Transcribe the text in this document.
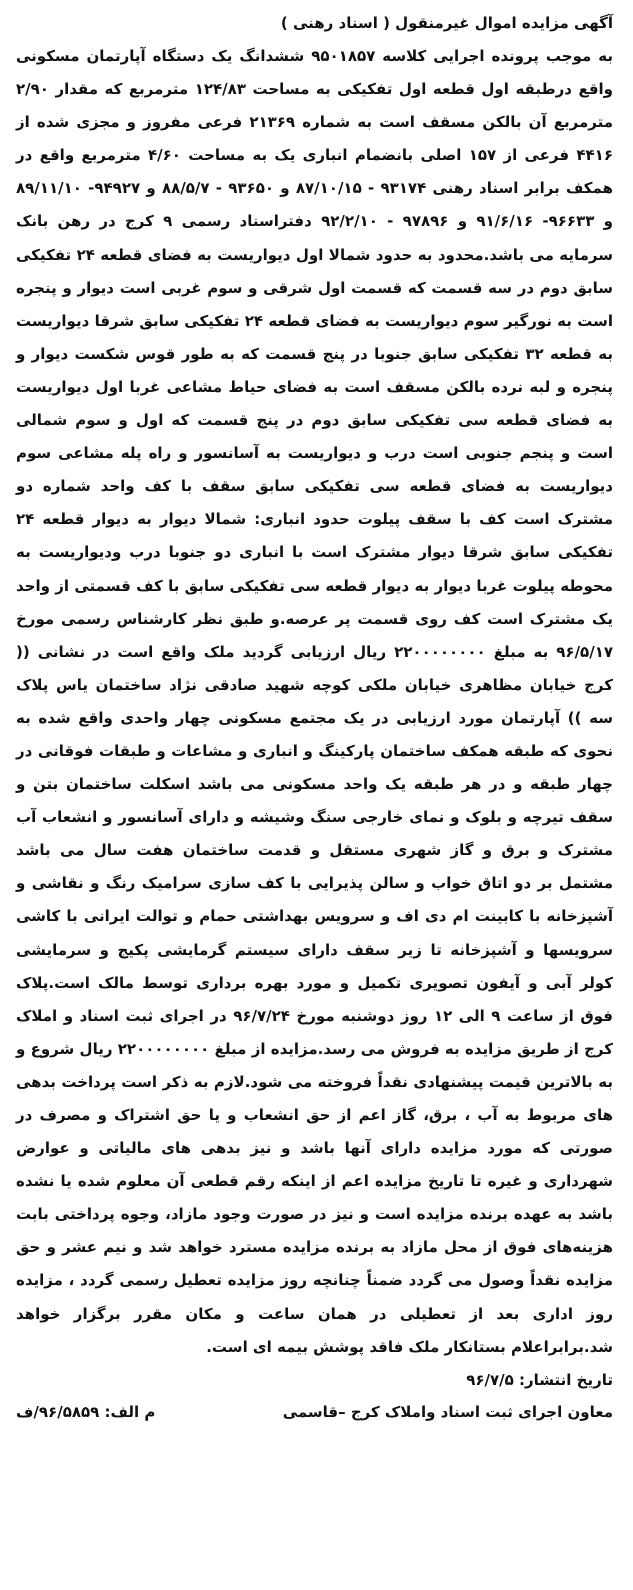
آگهی مزایده اموال غیرمنقول ( اسناد رهنی )

به موجب پرونده اجرایی کلاسه ۹۵۰۱۸۵۷ ششدانگ یک دستگاه آپارتمان مسکونی واقع درطبقه اول قطعه اول تفکیکی به مساحت ۱۲۴/۸۳ مترمربع که مقدار ۲/۹۰ مترمربع آن بالکن مسقف است به شماره ۲۱۳۶۹ فرعی مفروز و مجزی شده از ۴۴۱۶ فرعی از ۱۵۷ اصلی بانضمام انباری یک به مساحت ۴/۶۰ مترمربع واقع در همکف برابر اسناد رهنی ۹۳۱۷۴ - ۸۷/۱۰/۱۵ و ۹۳۶۵۰ - ۸۸/۵/۷ و ۹۴۹۲۷- ۸۹/۱۱/۱۰ و ۹۶۶۳۳- ۹۱/۶/۱۶ و ۹۷۸۹۶ - ۹۲/۲/۱۰ دفتراسناد رسمی ۹ کرج در رهن بانک سرمایه می باشد.محدود به حدود شمالا اول دیواریست به فضای قطعه ۲۴ تفکیکی سابق دوم در سه قسمت که قسمت اول شرقی و سوم غربی است دیوار و پنجره است به نورگیر سوم دیواریست به فضای قطعه ۲۴ تفکیکی سابق شرقا دیواریست به قطعه ۳۲ تفکیکی سابق جنوبا در پنج قسمت که به طور قوس شکست دیوار و پنجره و لبه نرده بالکن مسقف است به فضای حیاط مشاعی غربا اول دیواریست به فضای قطعه سی تفکیکی سابق دوم در پنج قسمت که اول و سوم شمالی است و پنجم جنوبی است درب و دیواریست به آسانسور و راه پله مشاعی سوم دیواریست به فضای قطعه سی تفکیکی سابق سقف با کف واحد شماره دو مشترک است کف با سقف پیلوت حدود انباری: شمالا دیوار به دیوار قطعه ۲۴ تفکیکی سابق شرقا دیوار مشترک است با انباری دو جنوبا درب ودیواریست به محوطه پیلوت غربا دیوار به دیوار قطعه سی تفکیکی سابق با کف قسمتی از واحد یک مشترک است کف روی قسمت پر عرصه.و طبق نظر کارشناس رسمی مورخ ۹۶/۵/۱۷ به مبلغ ۲۲۰۰۰۰۰۰۰۰ ریال ارزیابی گردید ملک واقع است در نشانی (( کرج خیابان مظاهری خیابان ملکی کوچه شهید صادقی نژاد ساختمان یاس پلاک سه )) آپارتمان مورد ارزیابی در یک مجتمع مسکونی چهار واحدی واقع شده به نحوی که طبقه همکف ساختمان پارکینگ و انباری و مشاعات و طبقات فوقانی در چهار طبقه و در هر طبقه یک واحد مسکونی می باشد اسکلت ساختمان بتن و سقف تیرچه و بلوک و نمای خارجی سنگ وشیشه و دارای آسانسور و انشعاب آب مشترک و برق و گاز شهری مستقل و قدمت ساختمان هفت سال می باشد مشتمل بر دو اتاق خواب و سالن پذیرایی با کف سازی سرامیک رنگ و نقاشی و آشپزخانه با کابینت ام دی اف و سرویس بهداشتی حمام و توالت ایرانی با کاشی سرویسها و آشپزخانه تا زیر سقف دارای سیستم گرمایشی پکیج و سرمایشی کولر آبی و آیفون تصویری تکمیل و مورد بهره برداری توسط مالک است.پلاک فوق از ساعت ۹ الی ۱۲ روز دوشنبه مورخ ۹۶/۷/۲۴ در اجرای ثبت اسناد و املاک کرج از طریق مزایده به فروش می رسد.مزایده از مبلغ ۲۲۰۰۰۰۰۰۰۰ ریال شروع و به بالاترین قیمت پیشنهادی نقداً فروخته می شود.لازم به ذکر است پرداخت بدهی های مربوط به آب ، برق، گاز اعم از حق انشعاب و یا حق اشتراک و مصرف در صورتی که مورد مزایده دارای آنها باشد و نیز بدهی های مالیاتی و عوارض شهرداری و غیره تا تاریخ مزایده اعم از اینکه رقم قطعی آن معلوم شده یا نشده باشد به عهده برنده مزایده است و نیز در صورت وجود مازاد، وجوه پرداختی بابت هزینه‌های فوق از محل مازاد به برنده مزایده مسترد خواهد شد و نیم عشر و حق مزایده نقداً وصول می گردد ضمناً چنانچه روز مزایده تعطیل رسمی گردد ، مزایده روز اداری بعد از تعطیلی در همان ساعت و مکان مقرر برگزار خواهد شد.برابراعلام بستانکار ملک فاقد پوشش بیمه ای است.

تاریخ انتشار: ۹۶/۷/۵
معاون اجرای ثبت اسناد واملاک کرج –قاسمی
م الف: ۹۶/۵۸۵۹/ف
